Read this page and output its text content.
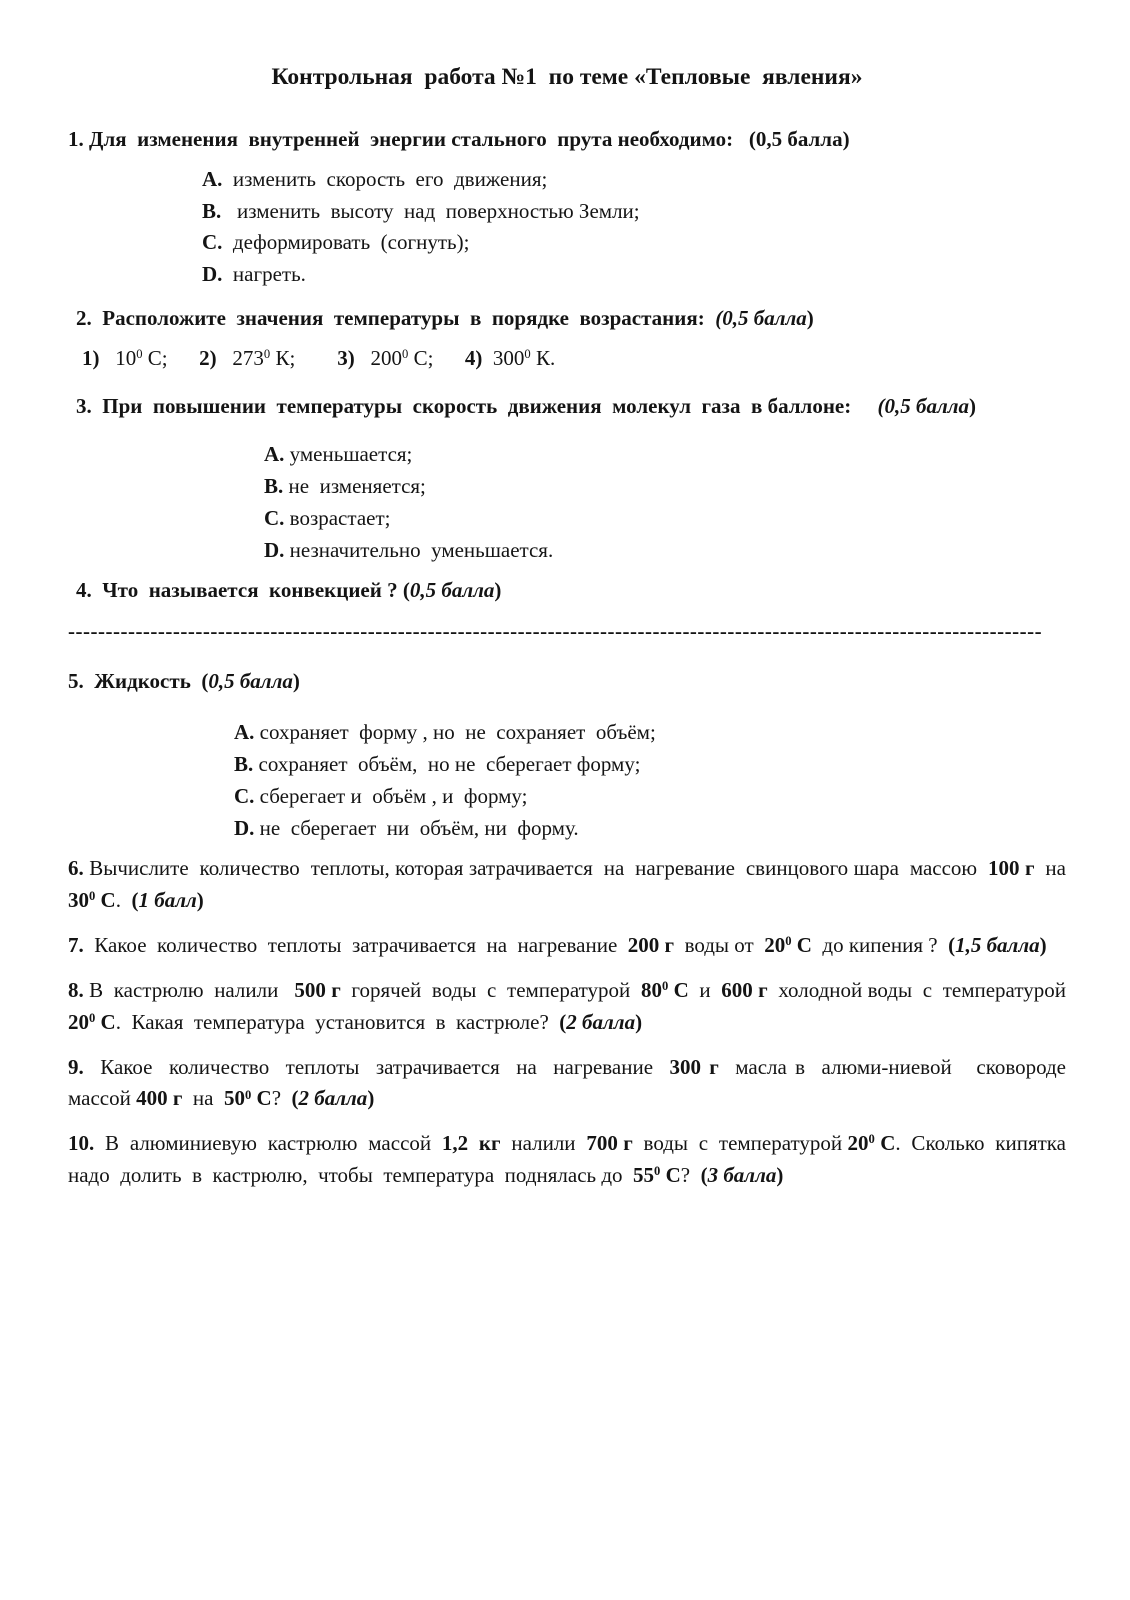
Контрольная  работа №1  по теме «Тепловые  явления»
1. Для  изменения  внутренней  энергии стального  прута необходимо:   (0,5 балла)
А.  изменить  скорость  его  движения;
В.   изменить  высоту  над  поверхностью Земли;
С.  деформировать  (согнуть);
D.  нагреть.
2.  Расположите  значения  температуры  в  порядке  возрастания:  (0,5 балла)
1)   $10^0$ С;      2)   $273^0$ К;        3)   $200^0$ С;      4)  $300^0$ К.
3.  При  повышении  температуры  скорость  движения  молекул  газа  в баллоне:     (0,5 балла)
А. уменьшается;
В. не  изменяется;
С. возрастает;
D. незначительно  уменьшается.
4.  Что  называется  конвекцией ? (0,5 балла)
----------------------------------------------------------------------------------------------------------------------------------
5.  Жидкость  (0,5 балла)
А. сохраняет  форму , но  не  сохраняет  объём;
В. сохраняет  объём,  но не  сберегает форму;
С. сберегает и  объём , и  форму;
D. не  сберегает  ни  объём, ни  форму.
6. Вычислите  количество  теплоты, которая затрачивается  на  нагревание  свинцового шара  массою  100 г  на  $30^0$ С.  (1 балл)
7.  Какое  количество  теплоты  затрачивается  на  нагревание  200 г  воды от  $20^0$ С  до кипения ?  (1,5 балла)
8. В  кастрюлю  налили   500 г  горячей  воды  с  температурой  $80^0$ С  и  600 г  холодной воды  с  температурой  $20^0$ С.  Какая  температура  установится  в  кастрюле?  (2 балла)
9.  Какое  количество  теплоты  затрачивается  на  нагревание  300 г  масла в  алюми-ниевой   сковороде  массой 400 г  на  $50^0$ С?  (2 балла)
10.  В  алюминиевую  кастрюлю  массой  1,2  кг  налили  700 г  воды  с  температурой $20^0$ С.  Сколько  кипятка  надо  долить  в  кастрюлю,  чтобы  температура  поднялась до  $55^0$ С?  (3 балла)
